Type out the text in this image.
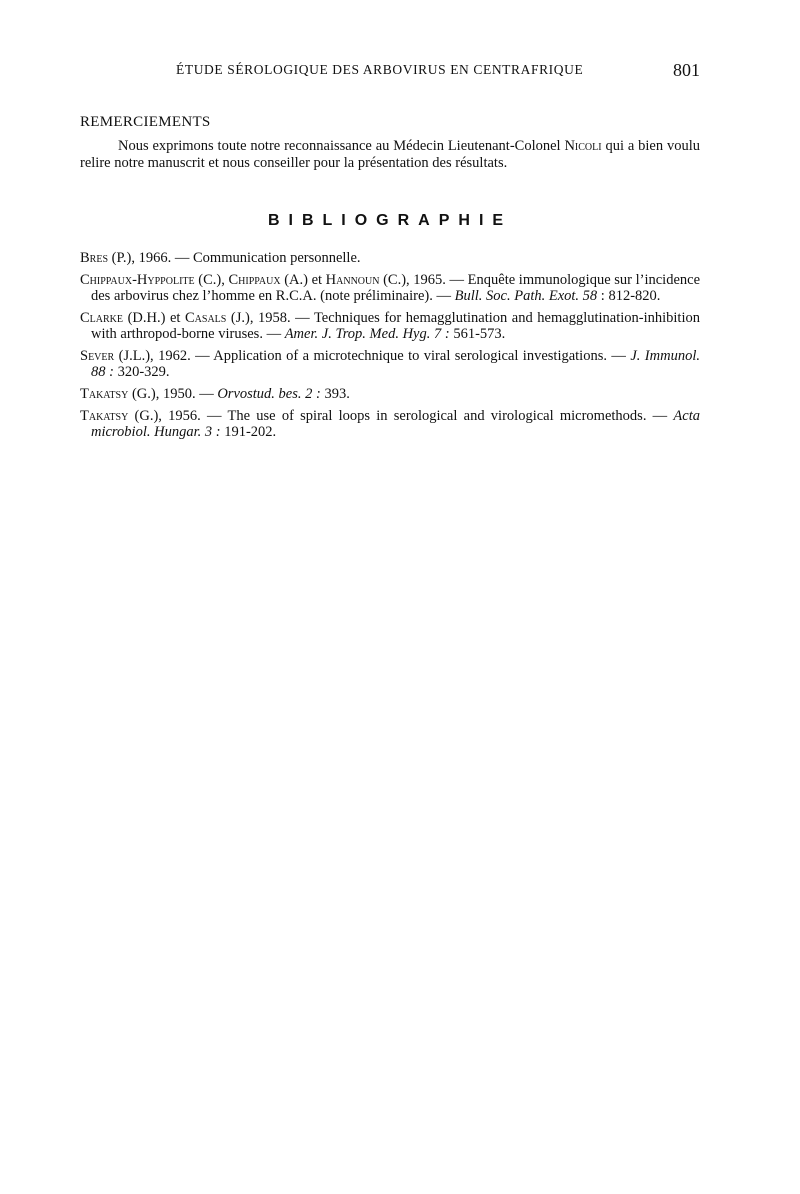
ÉTUDE SÉROLOGIQUE DES ARBOVIRUS EN CENTRAFRIQUE	801
REMERCIEMENTS

Nous exprimons toute notre reconnaissance au Médecin Lieutenant-Colonel Nicoli qui a bien voulu relire notre manuscrit et nous conseiller pour la présentation des résultats.

BIBLIOGRAPHIE
Bres (P.), 1966. — Communication personnelle.
Chippaux-Hyppolite (C.), Chippaux (A.) et Hannoun (C.), 1965. — Enquête immunologique sur l’incidence des arbovirus chez l’homme en R.C.A. (note préliminaire). — Bull. Soc. Path. Exot. 58 : 812-820.
Clarke (D.H.) et Casals (J.), 1958. — Techniques for hemagglutination and hemagglutination-inhibition with arthropod-borne viruses. — Amer. J. Trop. Med. Hyg. 7 : 561-573.
Sever (J.L.), 1962. — Application of a microtechnique to viral serological investigations. — J. Immunol. 88 : 320-329.
Takatsy (G.), 1950. — Orvostud. bes. 2 : 393.
Takatsy (G.), 1956. — The use of spiral loops in serological and virological micromethods. — Acta microbiol. Hungar. 3 : 191-202.
